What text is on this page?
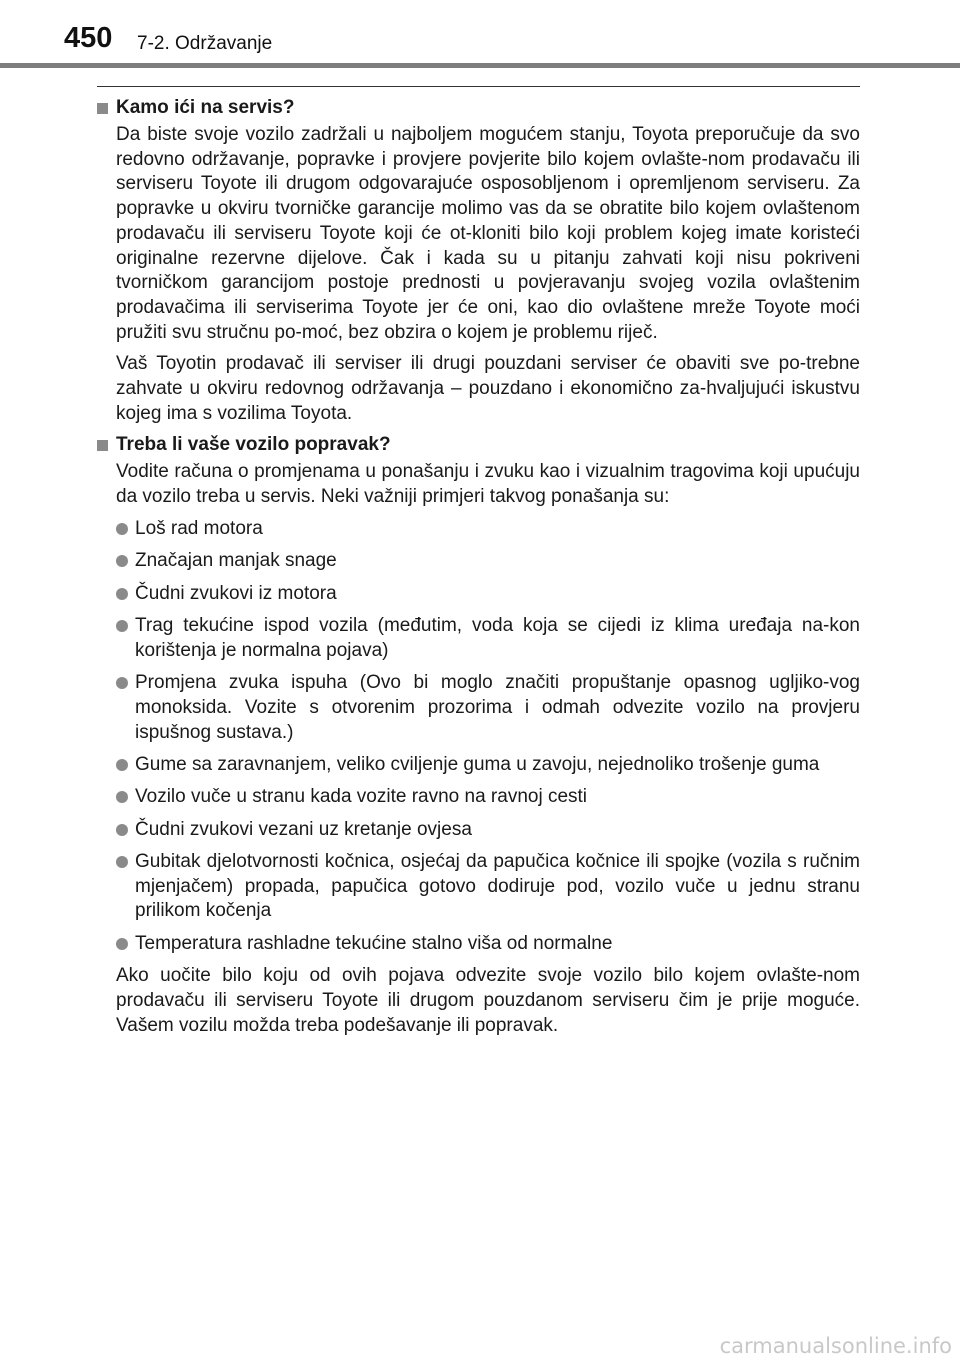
450 7-2. Održavanje
Kamo ići na servis?

Da biste svoje vozilo zadržali u najboljem mogućem stanju, Toyota preporučuje da svo redovno održavanje, popravke i provjere povjerite bilo kojem ovlašte-nom prodavaču ili serviseru Toyote ili drugom odgovarajuće osposobljenom i opremljenom serviseru. Za popravke u okviru tvorničke garancije molimo vas da se obratite bilo kojem ovlaštenom prodavaču ili serviseru Toyote koji će ot-kloniti bilo koji problem kojeg imate koristeći originalne rezervne dijelove. Čak i kada su u pitanju zahvati koji nisu pokriveni tvorničkom garancijom postoje prednosti u povjeravanju svojeg vozila ovlaštenim prodavačima ili serviserima Toyote jer će oni, kao dio ovlaštene mreže Toyote moći pružiti svu stručnu po-moć, bez obzira o kojem je problemu riječ.

Vaš Toyotin prodavač ili serviser ili drugi pouzdani serviser će obaviti sve po-trebne zahvate u okviru redovnog održavanja – pouzdano i ekonomično za-hvaljujući iskustvu kojeg ima s vozilima Toyota.

Treba li vaše vozilo popravak?

Vodite računa o promjenama u ponašanju i zvuku kao i vizualnim tragovima koji upućuju da vozilo treba u servis. Neki važniji primjeri takvog ponašanja su:

Loš rad motora
Značajan manjak snage
Čudni zvukovi iz motora
Trag tekućine ispod vozila (međutim, voda koja se cijedi iz klima uređaja na-kon korištenja je normalna pojava)
Promjena zvuka ispuha (Ovo bi moglo značiti propuštanje opasnog ugljiko-vog monoksida. Vozite s otvorenim prozorima i odmah odvezite vozilo na provjeru ispušnog sustava.)
Gume sa zaravnanjem, veliko cviljenje guma u zavoju, nejednoliko trošenje guma
Vozilo vuče u stranu kada vozite ravno na ravnoj cesti
Čudni zvukovi vezani uz kretanje ovjesa
Gubitak djelotvornosti kočnica, osjećaj da papučica kočnice ili spojke (vozila s ručnim mjenjačem) propada, papučica gotovo dodiruje pod, vozilo vuče u jednu stranu prilikom kočenja
Temperatura rashladne tekućine stalno viša od normalne

Ako uočite bilo koju od ovih pojava odvezite svoje vozilo bilo kojem ovlašte-nom prodavaču ili serviseru Toyote ili drugom pouzdanom serviseru čim je prije moguće. Vašem vozilu možda treba podešavanje ili popravak.

carmanualsonline.info
